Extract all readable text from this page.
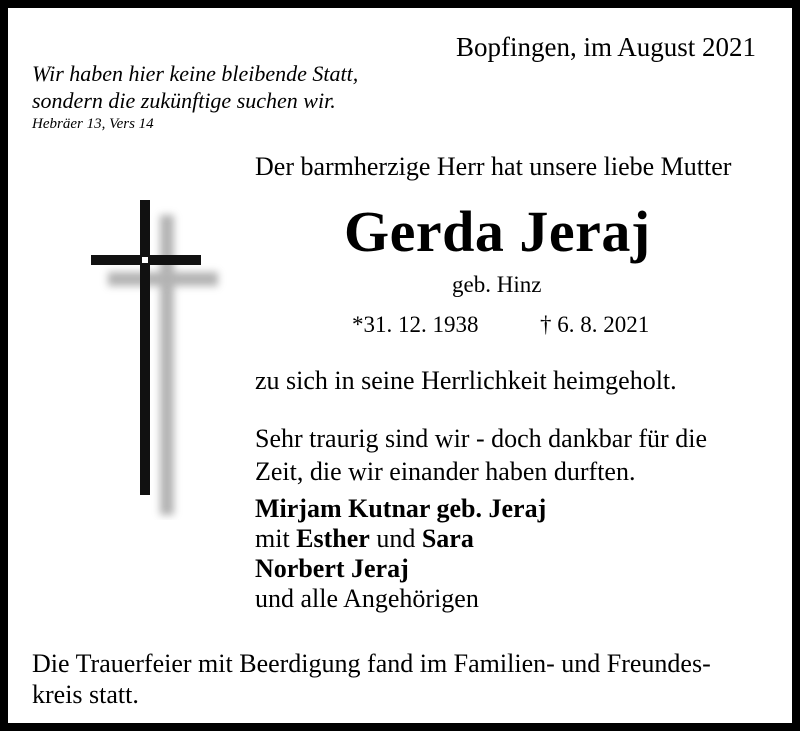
Bopfingen, im August 2021
Wir haben hier keine bleibende Statt,
sondern die zukünftige suchen wir.
Hebräer 13, Vers 14
Der barmherzige Herr hat unsere liebe Mutter
Gerda Jeraj
geb. Hinz
*31. 12. 1938	† 6. 8. 2021
zu sich in seine Herrlichkeit heimgeholt.
Sehr traurig sind wir - doch dankbar für die
Zeit, die wir einander haben durften.
Mirjam Kutnar geb. Jeraj
mit Esther und Sara
Norbert Jeraj
und alle Angehörigen
Die Trauerfeier mit Beerdigung fand im Familien- und Freundes-
kreis statt.
